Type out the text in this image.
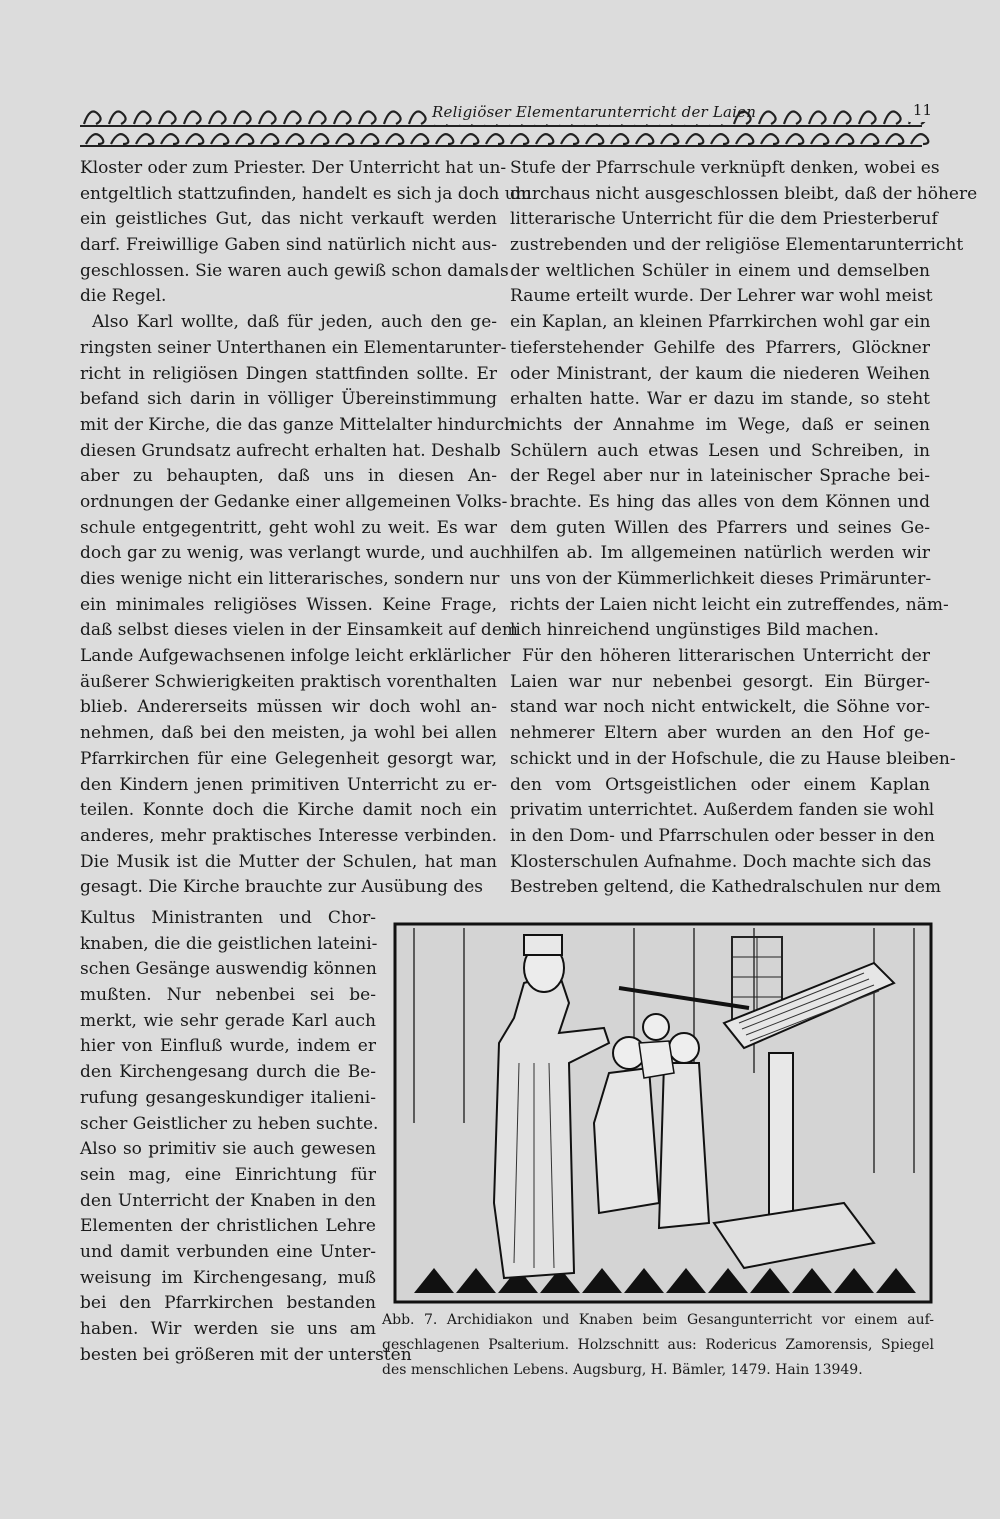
Religiöser Elementarunterricht der Laien	11
Kloster oder zum Priester. Der Unterricht hat un-
entgeltlich stattzufinden, handelt es sich ja doch um
ein geistliches Gut, das nicht verkauft werden
darf. Freiwillige Gaben sind natürlich nicht aus-
geschlossen. Sie waren auch gewiß schon damals
die Regel.
Also Karl wollte, daß für jeden, auch den ge-
ringsten seiner Unterthanen ein Elementarunter-
richt in religiösen Dingen stattfinden sollte. Er
befand sich darin in völliger Übereinstimmung
mit der Kirche, die das ganze Mittelalter hindurch
diesen Grundsatz aufrecht erhalten hat. Deshalb
aber zu behaupten, daß uns in diesen An-
ordnungen der Gedanke einer allgemeinen Volks-
schule entgegentritt, geht wohl zu weit. Es war
doch gar zu wenig, was verlangt wurde, und auch
dies wenige nicht ein litterarisches, sondern nur
ein minimales religiöses Wissen. Keine Frage,
daß selbst dieses vielen in der Einsamkeit auf dem
Lande Aufgewachsenen infolge leicht erklärlicher
äußerer Schwierigkeiten praktisch vorenthalten
blieb. Andererseits müssen wir doch wohl an-
nehmen, daß bei den meisten, ja wohl bei allen
Pfarrkirchen für eine Gelegenheit gesorgt war,
den Kindern jenen primitiven Unterricht zu er-
teilen. Konnte doch die Kirche damit noch ein
anderes, mehr praktisches Interesse verbinden.
Die Musik ist die Mutter der Schulen, hat man
gesagt. Die Kirche brauchte zur Ausübung des
Kultus Ministranten und Chor-
knaben, die die geistlichen lateini-
schen Gesänge auswendig können
mußten. Nur nebenbei sei be-
merkt, wie sehr gerade Karl auch
hier von Einfluß wurde, indem er
den Kirchengesang durch die Be-
rufung gesangeskundiger italieni-
scher Geistlicher zu heben suchte.
Also so primitiv sie auch gewesen
sein mag, eine Einrichtung für
den Unterricht der Knaben in den
Elementen der christlichen Lehre
und damit verbunden eine Unter-
weisung im Kirchengesang, muß
bei den Pfarrkirchen bestanden
haben. Wir werden sie uns am
besten bei größeren mit der untersten
Stufe der Pfarrschule verknüpft denken, wobei es
durchaus nicht ausgeschlossen bleibt, daß der höhere
litterarische Unterricht für die dem Priesterberuf
zustrebenden und der religiöse Elementarunterricht
der weltlichen Schüler in einem und demselben
Raume erteilt wurde. Der Lehrer war wohl meist
ein Kaplan, an kleinen Pfarrkirchen wohl gar ein
tieferstehender Gehilfe des Pfarrers, Glöckner
oder Ministrant, der kaum die niederen Weihen
erhalten hatte. War er dazu im stande, so steht
nichts der Annahme im Wege, daß er seinen
Schülern auch etwas Lesen und Schreiben, in
der Regel aber nur in lateinischer Sprache bei-
brachte. Es hing das alles von dem Können und
dem guten Willen des Pfarrers und seines Ge-
hilfen ab. Im allgemeinen natürlich werden wir
uns von der Kümmerlichkeit dieses Primärunter-
richts der Laien nicht leicht ein zutreffendes, näm-
lich hinreichend ungünstiges Bild machen.
Für den höheren litterarischen Unterricht der
Laien war nur nebenbei gesorgt. Ein Bürger-
stand war noch nicht entwickelt, die Söhne vor-
nehmerer Eltern aber wurden an den Hof ge-
schickt und in der Hofschule, die zu Hause bleiben-
den vom Ortsgeistlichen oder einem Kaplan
privatim unterrichtet. Außerdem fanden sie wohl
in den Dom- und Pfarrschulen oder besser in den
Klosterschulen Aufnahme. Doch machte sich das
Bestreben geltend, die Kathedralschulen nur dem
Abb. 7. Archidiakon und Knaben beim Gesangunterricht vor einem auf-
geschlagenen Psalterium. Holzschnitt aus: Rodericus Zamorensis, Spiegel
des menschlichen Lebens. Augsburg, H. Bämler, 1479. Hain 13949.
